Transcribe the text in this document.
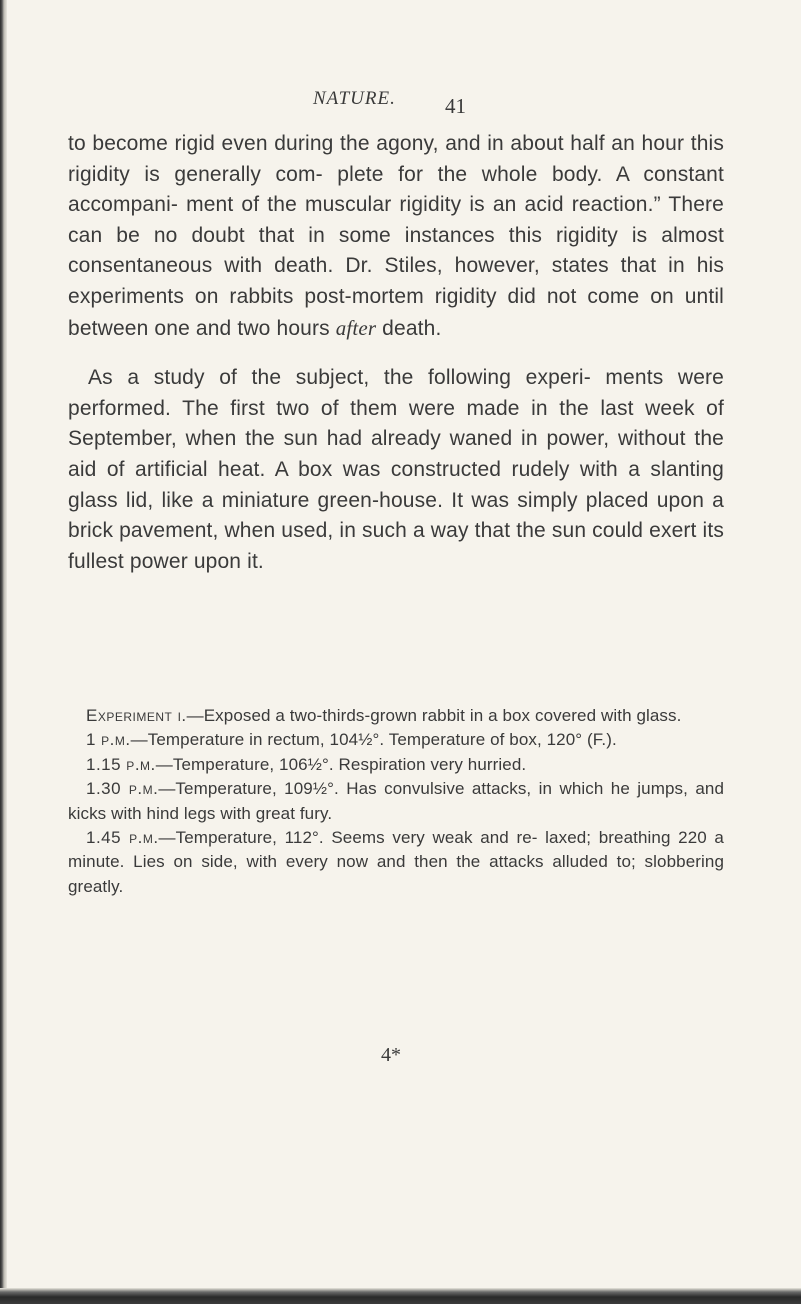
NATURE. 41

to become rigid even during the agony, and in about half an hour this rigidity is generally com- plete for the whole body. A constant accompani- ment of the muscular rigidity is an acid reaction.” There can be no doubt that in some instances this rigidity is almost consentaneous with death. Dr. Stiles, however, states that in his experiments on rabbits post-mortem rigidity did not come on until between one and two hours after death.

As a study of the subject, the following experi- ments were performed. The first two of them were made in the last week of September, when the sun had already waned in power, without the aid of artificial heat. A box was constructed rudely with a slanting glass lid, like a miniature green-house. It was simply placed upon a brick pavement, when used, in such a way that the sun could exert its fullest power upon it.

Experiment i.—Exposed a two-thirds-grown rabbit in a box covered with glass.

1 p.m.—Temperature in rectum, 104½°. Temperature of box, 120° (F.).

1.15 p.m.—Temperature, 106½°. Respiration very hurried.

1.30 p.m.—Temperature, 109½°. Has convulsive attacks, in which he jumps, and kicks with hind legs with great fury.

1.45 p.m.—Temperature, 112°. Seems very weak and re- laxed; breathing 220 a minute. Lies on side, with every now and then the attacks alluded to; slobbering greatly.

4*
